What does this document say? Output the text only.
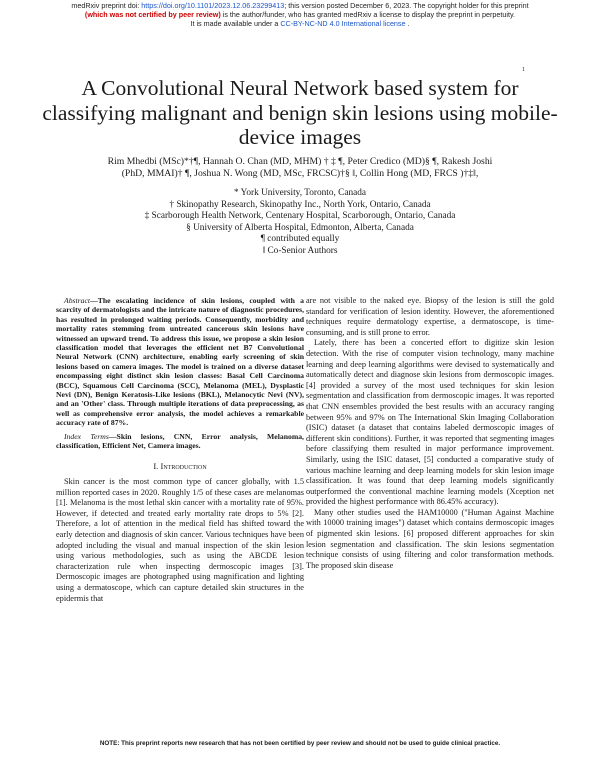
medRxiv preprint doi: https://doi.org/10.1101/2023.12.06.23299413; this version posted December 6, 2023. The copyright holder for this preprint
(which was not certified by peer review) is the author/funder, who has granted medRxiv a license to display the preprint in perpetuity.
It is made available under a CC-BY-NC-ND 4.0 International license .
1
A Convolutional Neural Network based system for classifying malignant and benign skin lesions using mobile-device images
Rim Mhedbi (MSc)*†¶, Hannah O. Chan (MD, MHM) † ‡ ¶, Peter Credico (MD)§ ¶, Rakesh Joshi
(PhD, MMAI)† ¶, Joshua N. Wong (MD, MSc, FRCSC)†§ ‖, Collin Hong (MD, FRCS )†‡‖,
* York University, Toronto, Canada
† Skinopathy Research, Skinopathy Inc., North York, Ontario, Canada
‡ Scarborough Health Network, Centenary Hospital, Scarborough, Ontario, Canada
§ University of Alberta Hospital, Edmonton, Alberta, Canada
¶ contributed equally
‖ Co-Senior Authors

Abstract—The escalating incidence of skin lesions, coupled with a scarcity of dermatologists and the intricate nature of diagnostic procedures, has resulted in prolonged waiting periods. Consequently, morbidity and mortality rates stemming from untreated cancerous skin lesions have witnessed an upward trend. To address this issue, we propose a skin lesion classification model that leverages the efficient net B7 Convolutional Neural Network (CNN) architecture, enabling early screening of skin lesions based on camera images. The model is trained on a diverse dataset encompassing eight distinct skin lesion classes: Basal Cell Carcinoma (BCC), Squamous Cell Carcinoma (SCC), Melanoma (MEL), Dysplastic Nevi (DN), Benign Keratosis-Like lesions (BKL), Melanocytic Nevi (NV), and an 'Other' class. Through multiple iterations of data preprocessing, as well as comprehensive error analysis, the model achieves a remarkable accuracy rate of 87%.

Index Terms—Skin lesions, CNN, Error analysis, Melanoma, classification, Efficient Net, Camera images.

I. Introduction

Skin cancer is the most common type of cancer globally, with 1.5 million reported cases in 2020. Roughly 1/5 of these cases are melanomas [1]. Melanoma is the most lethal skin cancer with a mortality rate of 95%. However, if detected and treated early mortality rate drops to 5% [2]. Therefore, a lot of attention in the medical field has shifted toward the early detection and diagnosis of skin cancer. Various techniques have been adopted including the visual and manual inspection of the skin lesion using various methodologies, such as using the ABCDE lesion characterization rule when inspecting dermoscopic images [3]. Dermoscopic images are photographed using magnification and lighting using a dermatoscope, which can capture detailed skin structures in the epidermis that

are not visible to the naked eye. Biopsy of the lesion is still the gold standard for verification of lesion identity. However, the aforementioned techniques require dermatology expertise, a dermatoscope, is time-consuming, and is still prone to error.

Lately, there has been a concerted effort to digitize skin lesion detection. With the rise of computer vision technology, many machine learning and deep learning algorithms were devised to systematically and automatically detect and diagnose skin lesions from dermoscopic images. [4] provided a survey of the most used techniques for skin lesion segmentation and classification from dermoscopic images. It was reported that CNN ensembles provided the best results with an accuracy ranging between 95% and 97% on The International Skin Imaging Collaboration (ISIC) dataset (a dataset that contains labeled dermoscopic images of different skin conditions). Further, it was reported that segmenting images before classifying them resulted in major performance improvement. Similarly, using the ISIC dataset, [5] conducted a comparative study of various machine learning and deep learning models for skin lesion image classification. It was found that deep learning models significantly outperformed the conventional machine learning models (Xception net provided the highest performance with 86.45% accuracy).

Many other studies used the HAM10000 ("Human Against Machine with 10000 training images") dataset which contains dermoscopic images of pigmented skin lesions. [6] proposed different approaches for skin lesion segmentation and classification. The skin lesions segmentation technique consists of using filtering and color transformation methods. The proposed skin disease

NOTE: This preprint reports new research that has not been certified by peer review and should not be used to guide clinical practice.
